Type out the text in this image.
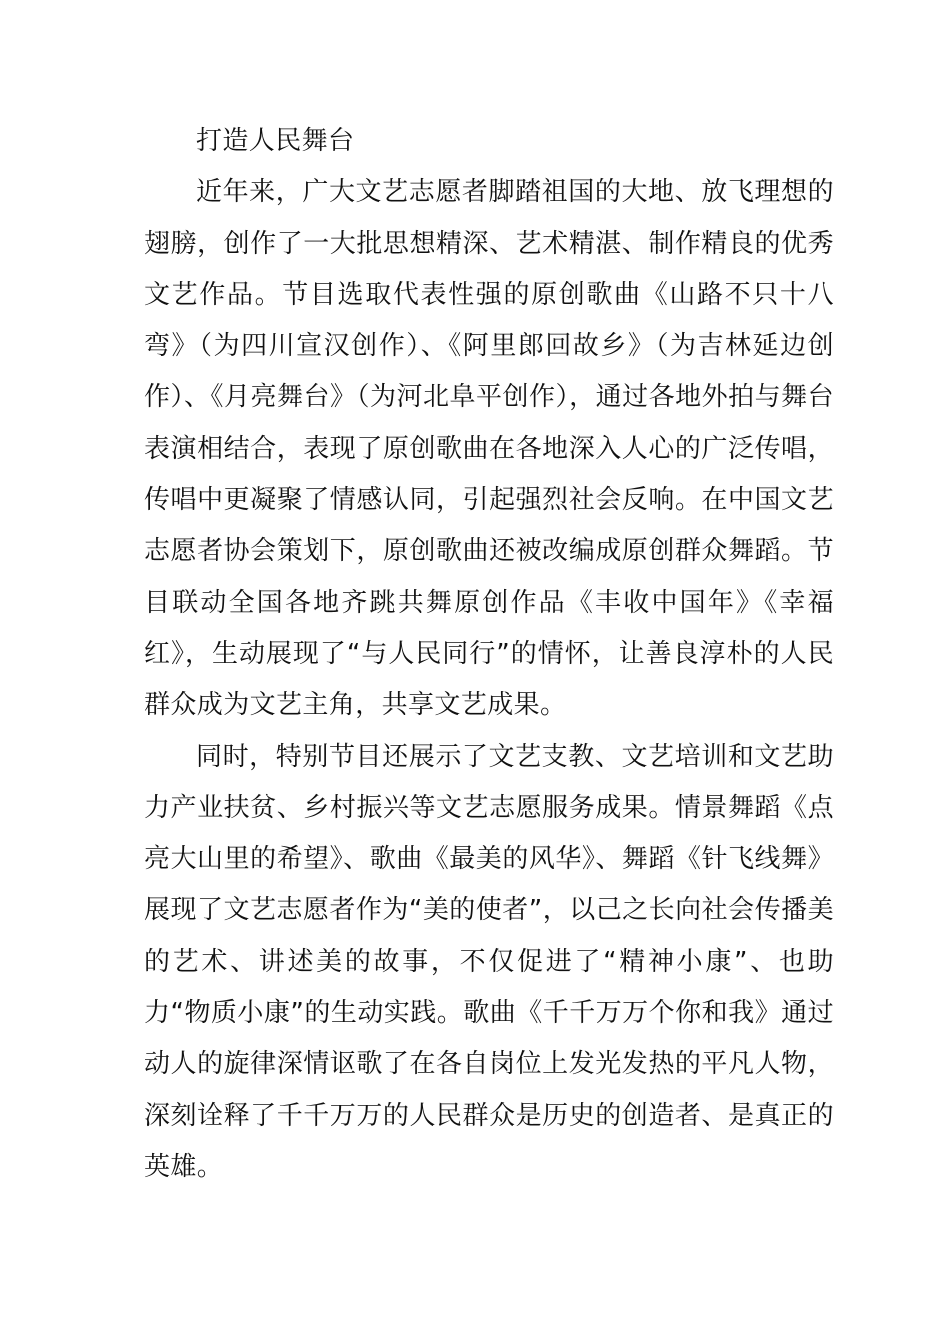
打造人民舞台

近年来，广大文艺志愿者脚踏祖国的大地、放飞理想的翅膀，创作了一大批思想精深、艺术精湛、制作精良的优秀文艺作品。节目选取代表性强的原创歌曲《山路不只十八弯》（为四川宣汉创作）、《阿里郎回故乡》（为吉林延边创作）、《月亮舞台》（为河北阜平创作），通过各地外拍与舞台表演相结合，表现了原创歌曲在各地深入人心的广泛传唱，传唱中更凝聚了情感认同，引起强烈社会反响。在中国文艺志愿者协会策划下，原创歌曲还被改编成原创群众舞蹈。节目联动全国各地齐跳共舞原创作品《丰收中国年》《幸福红》，生动展现了“与人民同行”的情怀，让善良淳朴的人民群众成为文艺主角，共享文艺成果。

同时，特别节目还展示了文艺支教、文艺培训和文艺助力产业扶贫、乡村振兴等文艺志愿服务成果。情景舞蹈《点亮大山里的希望》、歌曲《最美的风华》、舞蹈《针飞线舞》展现了文艺志愿者作为“美的使者”，以己之长向社会传播美的艺术、讲述美的故事，不仅促进了“精神小康”、也助力“物质小康”的生动实践。歌曲《千千万万个你和我》通过动人的旋律深情讴歌了在各自岗位上发光发热的平凡人物，深刻诠释了千千万万的人民群众是历史的创造者、是真正的英雄。
